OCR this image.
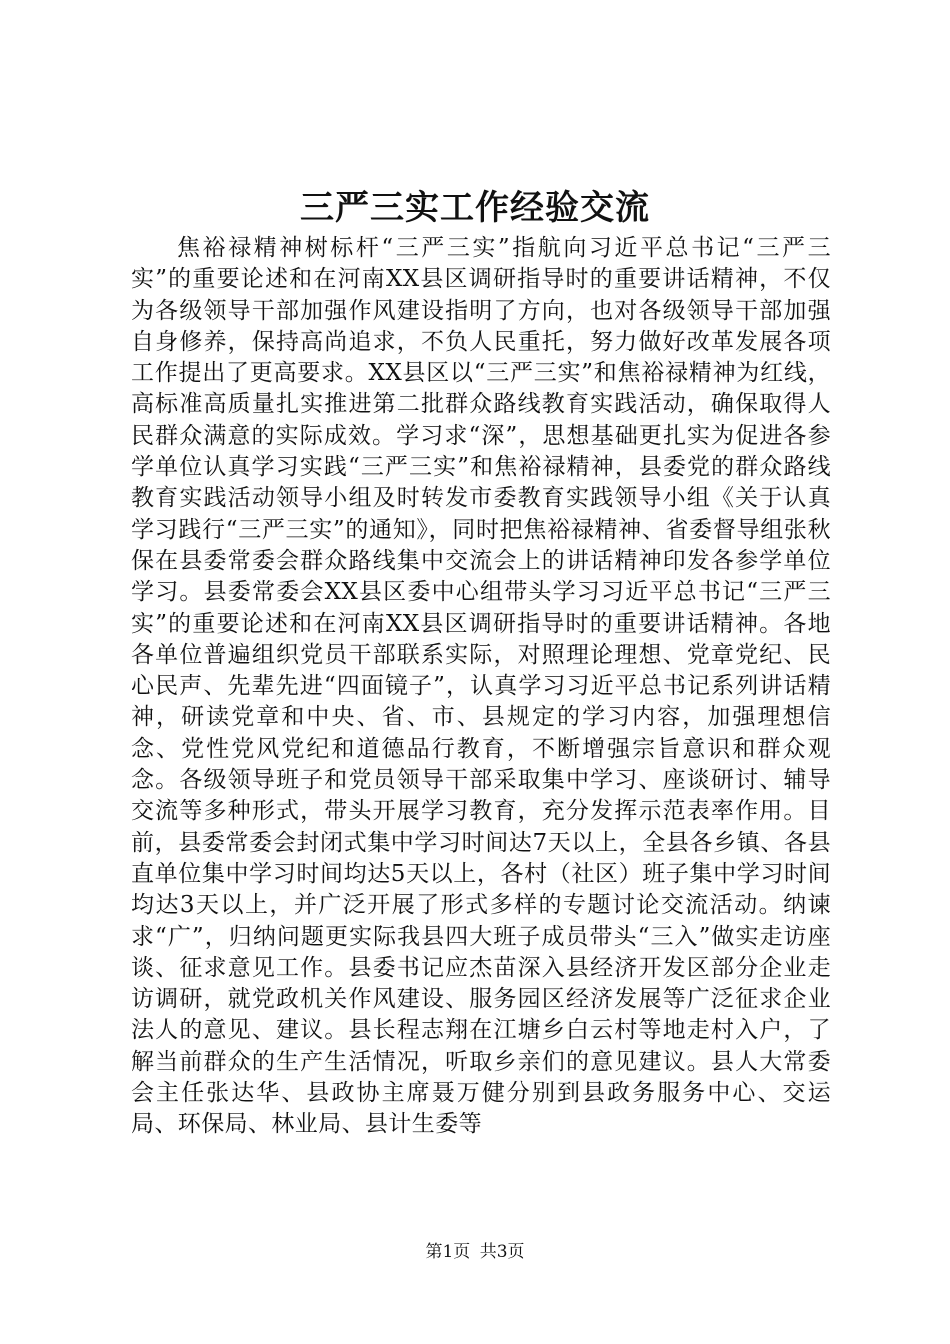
三严三实工作经验交流

焦裕禄精神树标杆“三严三实”指航向习近平总书记“三严三实”的重要论述和在河南XX县区调研指导时的重要讲话精神，不仅为各级领导干部加强作风建设指明了方向，也对各级领导干部加强自身修养，保持高尚追求，不负人民重托，努力做好改革发展各项工作提出了更高要求。XX县区以“三严三实”和焦裕禄精神为红线，高标准高质量扎实推进第二批群众路线教育实践活动，确保取得人民群众满意的实际成效。学习求“深”，思想基础更扎实为促进各参学单位认真学习实践“三严三实”和焦裕禄精神，县委党的群众路线教育实践活动领导小组及时转发市委教育实践领导小组《关于认真学习践行“三严三实”的通知》，同时把焦裕禄精神、省委督导组张秋保在县委常委会群众路线集中交流会上的讲话精神印发各参学单位学习。县委常委会XX县区委中心组带头学习习近平总书记“三严三实”的重要论述和在河南XX县区调研指导时的重要讲话精神。各地各单位普遍组织党员干部联系实际，对照理论理想、党章党纪、民心民声、先辈先进“四面镜子”，认真学习习近平总书记系列讲话精神，研读党章和中央、省、市、县规定的学习内容，加强理想信念、党性党风党纪和道德品行教育，不断增强宗旨意识和群众观念。各级领导班子和党员领导干部采取集中学习、座谈研讨、辅导交流等多种形式，带头开展学习教育，充分发挥示范表率作用。目前，县委常委会封闭式集中学习时间达7天以上，全县各乡镇、各县直单位集中学习时间均达5天以上，各村（社区）班子集中学习时间均达3天以上，并广泛开展了形式多样的专题讨论交流活动。纳谏求“广”，归纳问题更实际我县四大班子成员带头“三入”做实走访座谈、征求意见工作。县委书记应杰苗深入县经济开发区部分企业走访调研，就党政机关作风建设、服务园区经济发展等广泛征求企业法人的意见、建议。县长程志翔在江塘乡白云村等地走村入户，了解当前群众的生产生活情况，听取乡亲们的意见建议。县人大常委会主任张达华、县政协主席聂万健分别到县政务服务中心、交运局、环保局、林业局、县计生委等

第1页 共3页
